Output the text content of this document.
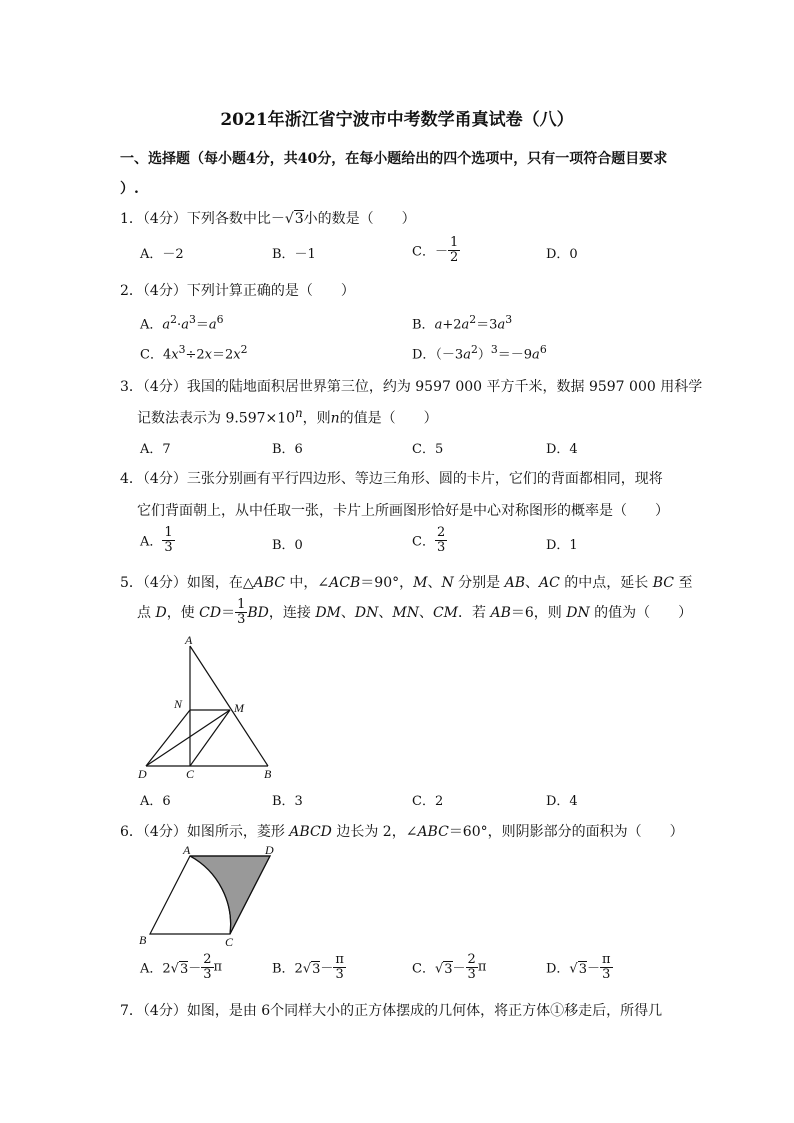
2021年浙江省宁波市中考数学甬真试卷（八）
一、选择题（每小题4分，共40分，在每小题给出的四个选项中，只有一项符合题目要求
）.
1．（4分）下列各数中比－√3小的数是（　　）
A．－2	B．－1	C．－ $\frac{1}{2}$	D．0
2．（4分）下列计算正确的是（　　）
A．$a^2\cdot a^3=a^6$	B．$a+2a^2=3a^3$
C．$4x^3\div 2x=2x^2$	D．$(-3a^2)^3=-9a^6$
3．（4分）我国的陆地面积居世界第三位，约为 9597 000 平方千米，数据 9597 000 用科学
记数法表示为 $9.597\times 10^n$，则n的值是（　　）
A．7	B．6	C．5	D．4
4．（4分）三张分别画有平行四边形、等边三角形、圆的卡片，它们的背面都相同，现将
它们背面朝上，从中任取一张，卡片上所画图形恰好是中心对称图形的概率是（　　）
A． $\frac{1}{3}$	B．0	C． $\frac{2}{3}$	D．1
5．（4分）如图，在△ABC 中，∠ACB＝90°，M、N 分别是 AB、AC 的中点，延长 BC 至
点 D，使 $CD= \frac{1}{3}$ BD，连接 DM、DN、MN、CM．若 AB＝6，则 DN 的值为（　　）
A
N	M
D	C	B
A．6	B．3	C．2	D．4
6．（4分）如图所示，菱形 ABCD 边长为 2，∠ABC＝60°，则阴影部分的面积为（　　）
A	D
B	C
A．$2√3- \frac{2}{3}$ π	B．$2√3- \frac{\pi}{3}$	C．$√3- \frac{2}{3}$ π	D．$√3- \frac{\pi}{3}$
7．（4分）如图，是由 6个同样大小的正方体摆成的几何体，将正方体①移走后，所得几
